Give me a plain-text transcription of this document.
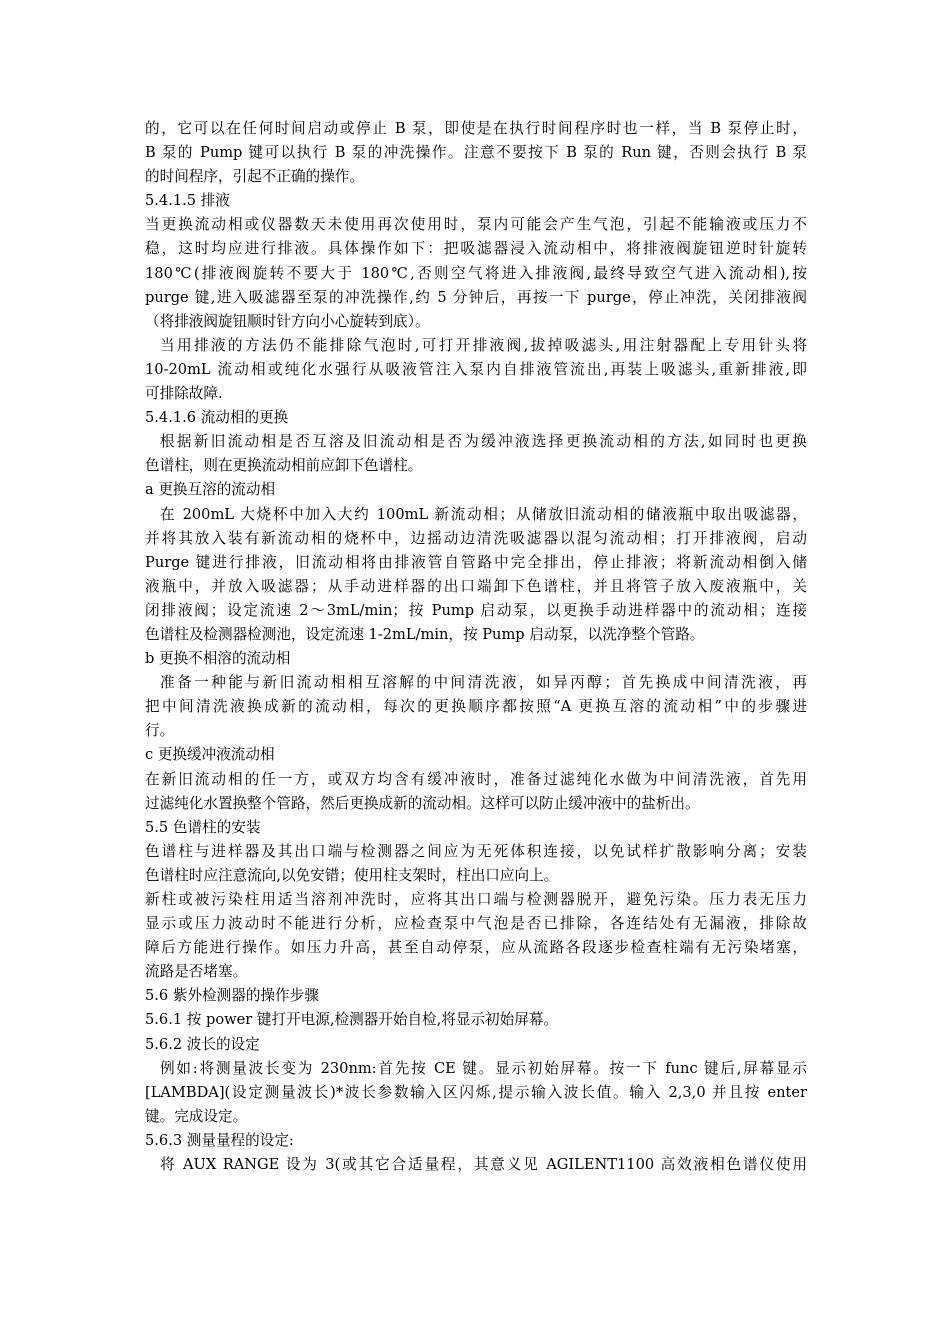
的，它可以在任何时间启动或停止 B 泵，即使是在执行时间程序时也一样，当 B 泵停止时，
B 泵的 Pump 键可以执行 B 泵的冲洗操作。注意不要按下 B 泵的 Run 键，否则会执行 B 泵
的时间程序，引起不正确的操作。
5.4.1.5 排液
当更换流动相或仪器数天未使用再次使用时，泵内可能会产生气泡，引起不能输液或压力不
稳，这时均应进行排液。具体操作如下：把吸滤器浸入流动相中，将排液阀旋钮逆时针旋转
180℃(排液阀旋转不要大于 180℃,否则空气将进入排液阀,最终导致空气进入流动相),按
purge 键,进入吸滤器至泵的冲洗操作,约 5 分钟后，再按一下 purge，停止冲洗，关闭排液阀
（将排液阀旋钮顺时针方向小心旋转到底）。
当用排液的方法仍不能排除气泡时,可打开排液阀,拔掉吸滤头,用注射器配上专用针头将
10-20mL 流动相或纯化水强行从吸液管注入泵内自排液管流出,再装上吸滤头,重新排液,即
可排除故障.
5.4.1.6 流动相的更换
根据新旧流动相是否互溶及旧流动相是否为缓冲液选择更换流动相的方法,如同时也更换
色谱柱，则在更换流动相前应卸下色谱柱。
a 更换互溶的流动相
在 200mL 大烧杯中加入大约 100mL 新流动相；从储放旧流动相的储液瓶中取出吸滤器，
并将其放入装有新流动相的烧杯中，边摇动边清洗吸滤器以混匀流动相；打开排液阀，启动
Purge 键进行排液，旧流动相将由排液管自管路中完全排出，停止排液；将新流动相倒入储
液瓶中，并放入吸滤器；从手动进样器的出口端卸下色谱柱，并且将管子放入废液瓶中，关
闭排液阀；设定流速 2～3mL/min；按 Pump 启动泵，以更换手动进样器中的流动相；连接
色谱柱及检测器检测池，设定流速 1-2mL/min，按 Pump 启动泵，以洗净整个管路。
b 更换不相溶的流动相
准备一种能与新旧流动相相互溶解的中间清洗液，如异丙醇；首先换成中间清洗液，再
把中间清洗液换成新的流动相，每次的更换顺序都按照“A 更换互溶的流动相”中的步骤进
行。
c 更换缓冲液流动相
在新旧流动相的任一方，或双方均含有缓冲液时，准备过滤纯化水做为中间清洗液，首先用
过滤纯化水置换整个管路，然后更换成新的流动相。这样可以防止缓冲液中的盐析出。
5.5 色谱柱的安装
色谱柱与进样器及其出口端与检测器之间应为无死体积连接，以免试样扩散影响分离；安装
色谱柱时应注意流向,以免安错；使用柱支架时，柱出口应向上。
新柱或被污染柱用适当溶剂冲洗时，应将其出口端与检测器脱开，避免污染。压力表无压力
显示或压力波动时不能进行分析，应检查泵中气泡是否已排除，各连结处有无漏液，排除故
障后方能进行操作。如压力升高，甚至自动停泵，应从流路各段逐步检查柱端有无污染堵塞，
流路是否堵塞。
5.6 紫外检测器的操作步骤
5.6.1 按 power 键打开电源,检测器开始自检,将显示初始屏幕。
5.6.2 波长的设定
例如:将测量波长变为 230nm:首先按 CE 键。显示初始屏幕。按一下 func 键后,屏幕显示
[LAMBDA](设定测量波长)*波长参数输入区闪烁,提示输入波长值。输入 2,3,0 并且按 enter
键。完成设定。
5.6.3 测量量程的设定:
将 AUX RANGE 设为 3(或其它合适量程，其意义见 AGILENT1100 高效液相色谱仪使用
